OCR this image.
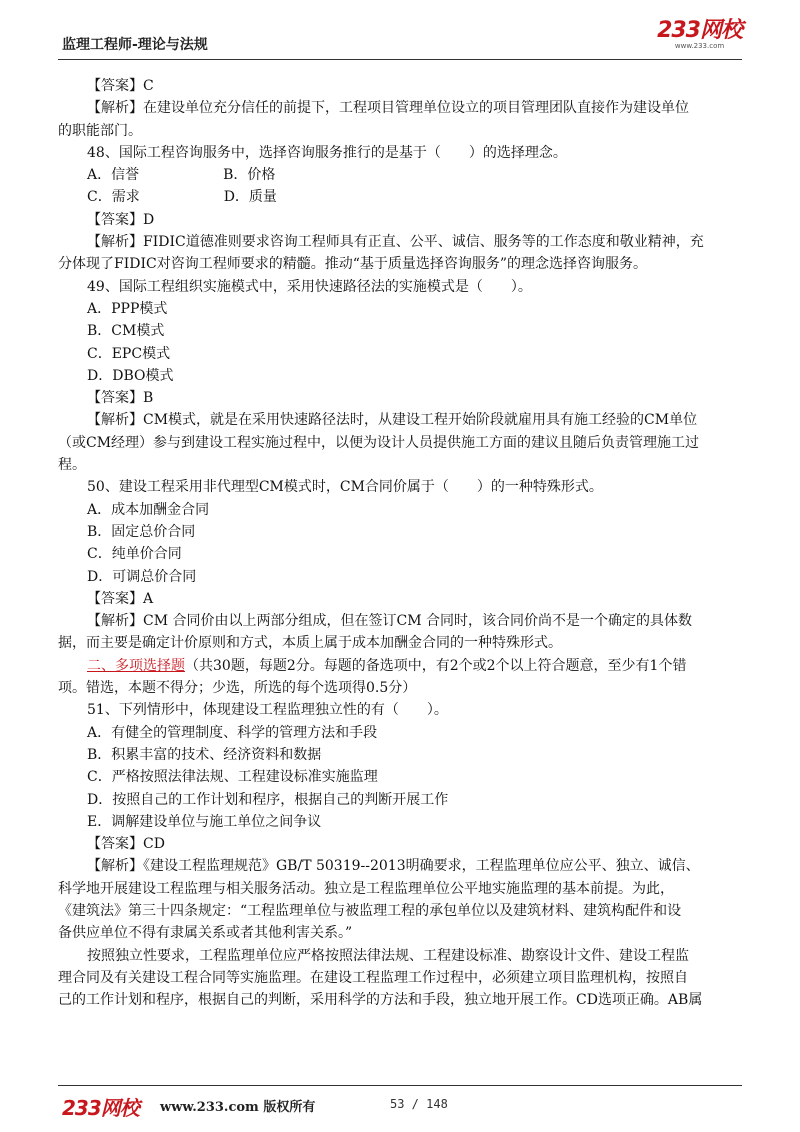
监理工程师-理论与法规
233网校
www.233.com
【答案】C
【解析】在建设单位充分信任的前提下，工程项目管理单位设立的项目管理团队直接作为建设单位
的职能部门。
48、国际工程咨询服务中，选择咨询服务推行的是基于（　　）的选择理念。
A．信誉　　　　　　B．价格
C．需求　　　　　　D．质量
【答案】D
【解析】FIDIC道德准则要求咨询工程师具有正直、公平、诚信、服务等的工作态度和敬业精神，充
分体现了FIDIC对咨询工程师要求的精髓。推动“基于质量选择咨询服务”的理念选择咨询服务。
49、国际工程组织实施模式中，采用快速路径法的实施模式是（　　）。
A．PPP模式
B．CM模式
C．EPC模式
D．DBO模式
【答案】B
【解析】CM模式，就是在采用快速路径法时，从建设工程开始阶段就雇用具有施工经验的CM单位
（或CM经理）参与到建设工程实施过程中，以便为设计人员提供施工方面的建议且随后负责管理施工过
程。
50、建设工程采用非代理型CM模式时，CM合同价属于（　　）的一种特殊形式。
A．成本加酬金合同
B．固定总价合同
C．纯单价合同
D．可调总价合同
【答案】A
【解析】CM 合同价由以上两部分组成，但在签订CM 合同时，该合同价尚不是一个确定的具体数
据，而主要是确定计价原则和方式，本质上属于成本加酬金合同的一种特殊形式。
二、多项选择题（共30题，每题2分。每题的备选项中，有2个或2个以上符合题意，至少有1个错
项。错选，本题不得分；少选，所选的每个选项得0.5分）
51、下列情形中，体现建设工程监理独立性的有（　　）。
A．有健全的管理制度、科学的管理方法和手段
B．积累丰富的技术、经济资料和数据
C．严格按照法律法规、工程建设标准实施监理
D．按照自己的工作计划和程序，根据自己的判断开展工作
E．调解建设单位与施工单位之间争议
【答案】CD
【解析】《建设工程监理规范》GB/T 50319--2013明确要求，工程监理单位应公平、独立、诚信、
科学地开展建设工程监理与相关服务活动。独立是工程监理单位公平地实施监理的基本前提。为此，
《建筑法》第三十四条规定：“工程监理单位与被监理工程的承包单位以及建筑材料、建筑构配件和设
备供应单位不得有隶属关系或者其他利害关系。”
按照独立性要求，工程监理单位应严格按照法律法规、工程建设标准、勘察设计文件、建设工程监
理合同及有关建设工程合同等实施监理。在建设工程监理工作过程中，必须建立项目监理机构，按照自
己的工作计划和程序，根据自己的判断，采用科学的方法和手段，独立地开展工作。CD选项正确。AB属
233网校 www.233.com 版权所有	53 / 148
